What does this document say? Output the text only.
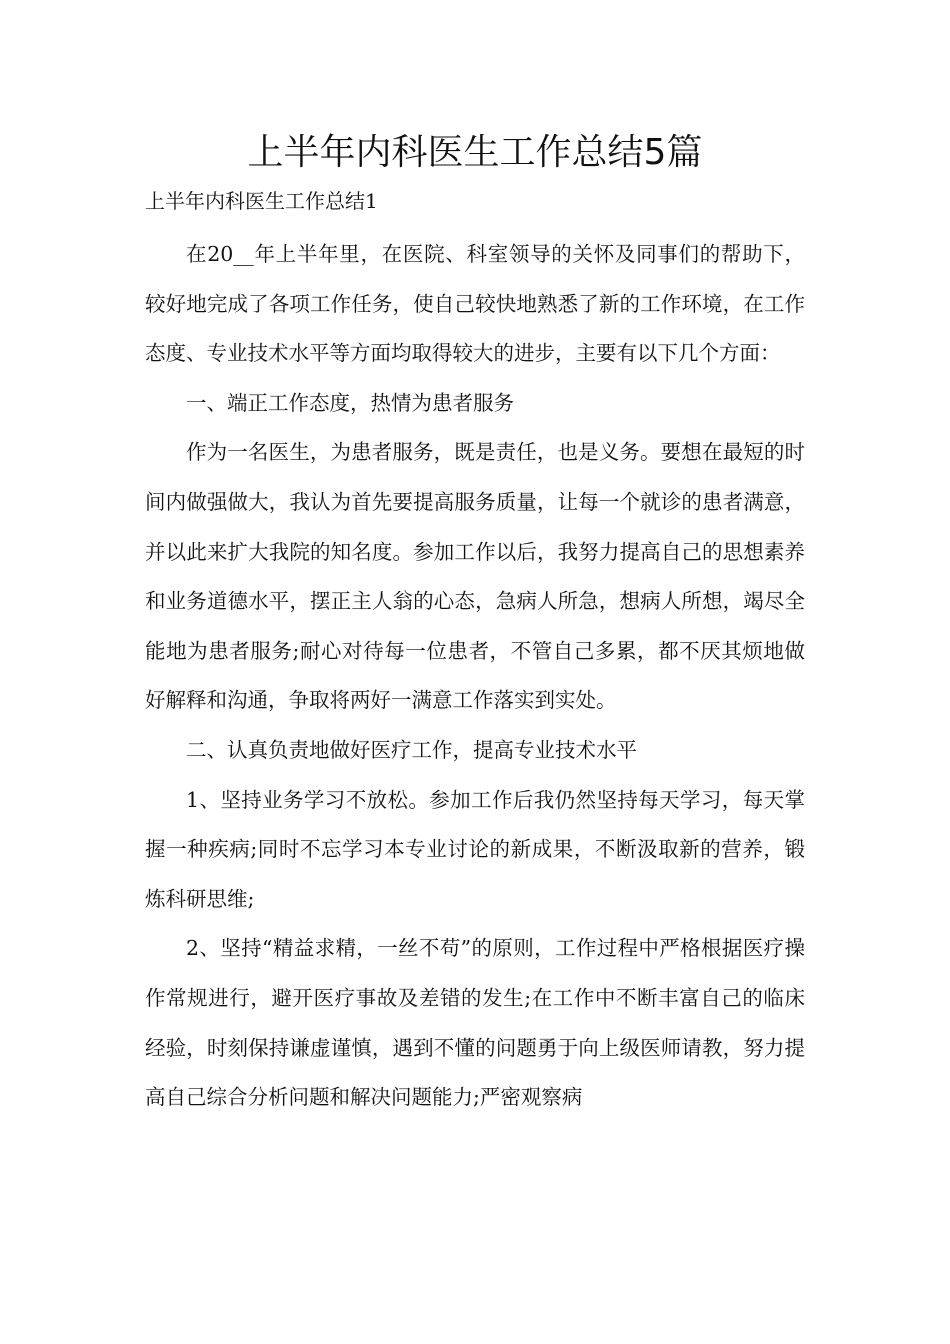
上半年内科医生工作总结5篇
上半年内科医生工作总结1

在20__年上半年里，在医院、科室领导的关怀及同事们的帮助下，较好地完成了各项工作任务，使自己较快地熟悉了新的工作环境，在工作态度、专业技术水平等方面均取得较大的进步，主要有以下几个方面：

一、端正工作态度，热情为患者服务

作为一名医生，为患者服务，既是责任，也是义务。要想在最短的时间内做强做大，我认为首先要提高服务质量，让每一个就诊的患者满意，并以此来扩大我院的知名度。参加工作以后，我努力提高自己的思想素养和业务道德水平，摆正主人翁的心态，急病人所急，想病人所想，竭尽全能地为患者服务;耐心对待每一位患者，不管自己多累，都不厌其烦地做好解释和沟通，争取将两好一满意工作落实到实处。

二、认真负责地做好医疗工作，提高专业技术水平

1、坚持业务学习不放松。参加工作后我仍然坚持每天学习，每天掌握一种疾病;同时不忘学习本专业讨论的新成果，不断汲取新的营养，锻炼科研思维;

2、坚持“精益求精，一丝不苟”的原则，工作过程中严格根据医疗操作常规进行，避开医疗事故及差错的发生;在工作中不断丰富自己的临床经验，时刻保持谦虚谨慎，遇到不懂的问题勇于向上级医师请教，努力提高自己综合分析问题和解决问题能力;严密观察病
